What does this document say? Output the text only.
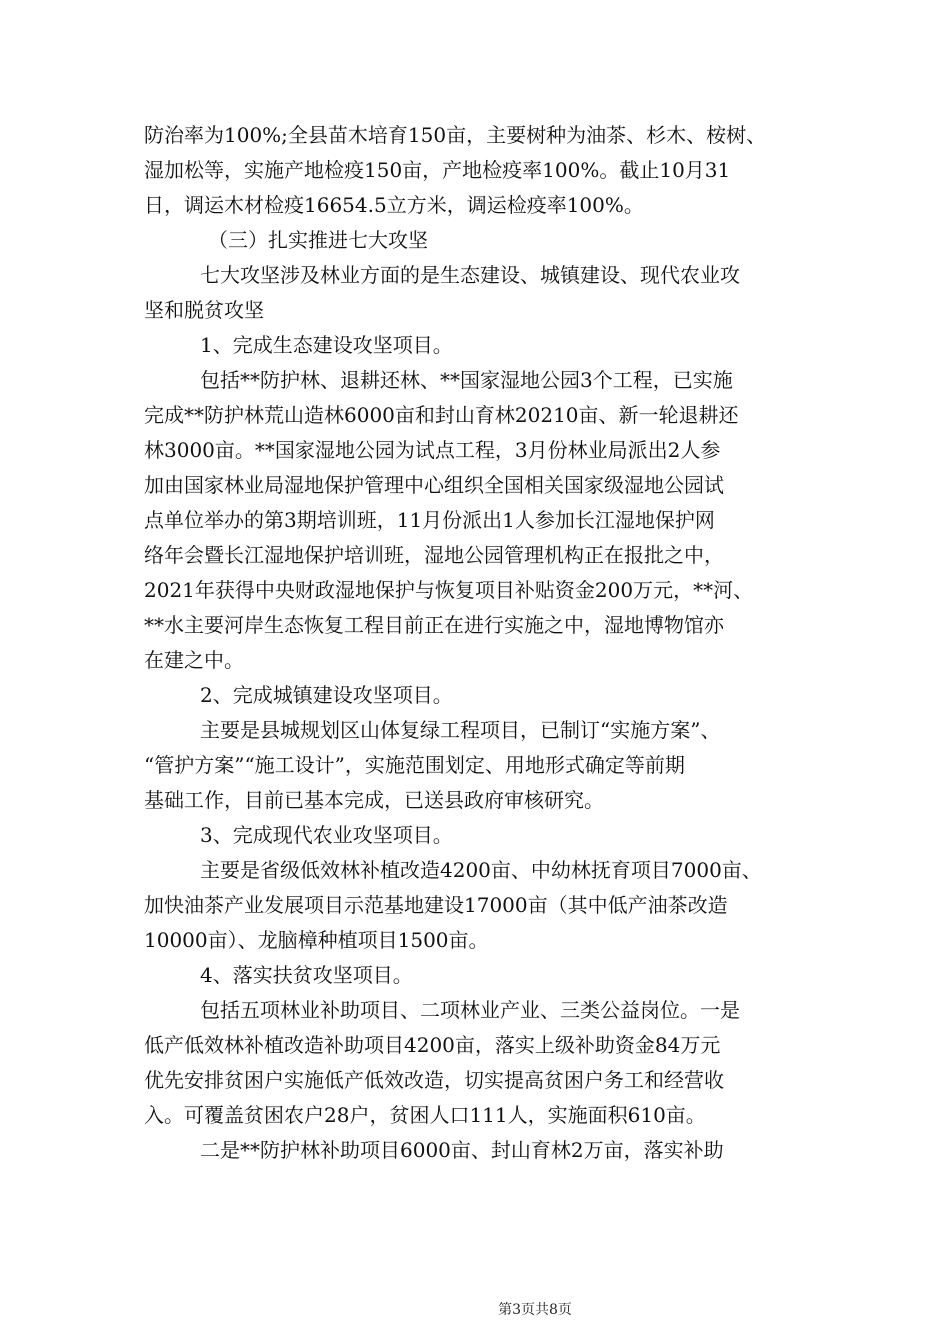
防治率为100%;全县苗木培育150亩，主要树种为油茶、杉木、桉树、
湿加松等，实施产地检疫150亩，产地检疫率100%。截止10月31
日，调运木材检疫16654.5立方米，调运检疫率100%。
（三）扎实推进七大攻坚
七大攻坚涉及林业方面的是生态建设、城镇建设、现代农业攻
坚和脱贫攻坚
1、完成生态建设攻坚项目。
包括**防护林、退耕还林、**国家湿地公园3个工程，已实施
完成**防护林荒山造林6000亩和封山育林20210亩、新一轮退耕还
林3000亩。**国家湿地公园为试点工程，3月份林业局派出2人参
加由国家林业局湿地保护管理中心组织全国相关国家级湿地公园试
点单位举办的第3期培训班，11月份派出1人参加长江湿地保护网
络年会暨长江湿地保护培训班，湿地公园管理机构正在报批之中，
2021年获得中央财政湿地保护与恢复项目补贴资金200万元，**河、
**水主要河岸生态恢复工程目前正在进行实施之中，湿地博物馆亦
在建之中。
2、完成城镇建设攻坚项目。
主要是县城规划区山体复绿工程项目，已制订“实施方案”、
“管护方案”“施工设计”，实施范围划定、用地形式确定等前期
基础工作，目前已基本完成，已送县政府审核研究。
3、完成现代农业攻坚项目。
主要是省级低效林补植改造4200亩、中幼林抚育项目7000亩、
加快油茶产业发展项目示范基地建设17000亩（其中低产油茶改造
10000亩）、龙脑樟种植项目1500亩。
4、落实扶贫攻坚项目。
包括五项林业补助项目、二项林业产业、三类公益岗位。一是
低产低效林补植改造补助项目4200亩，落实上级补助资金84万元
优先安排贫困户实施低产低效改造，切实提高贫困户务工和经营收
入。可覆盖贫困农户28户，贫困人口111人，实施面积610亩。
二是**防护林补助项目6000亩、封山育林2万亩，落实补助
第3页共8页
